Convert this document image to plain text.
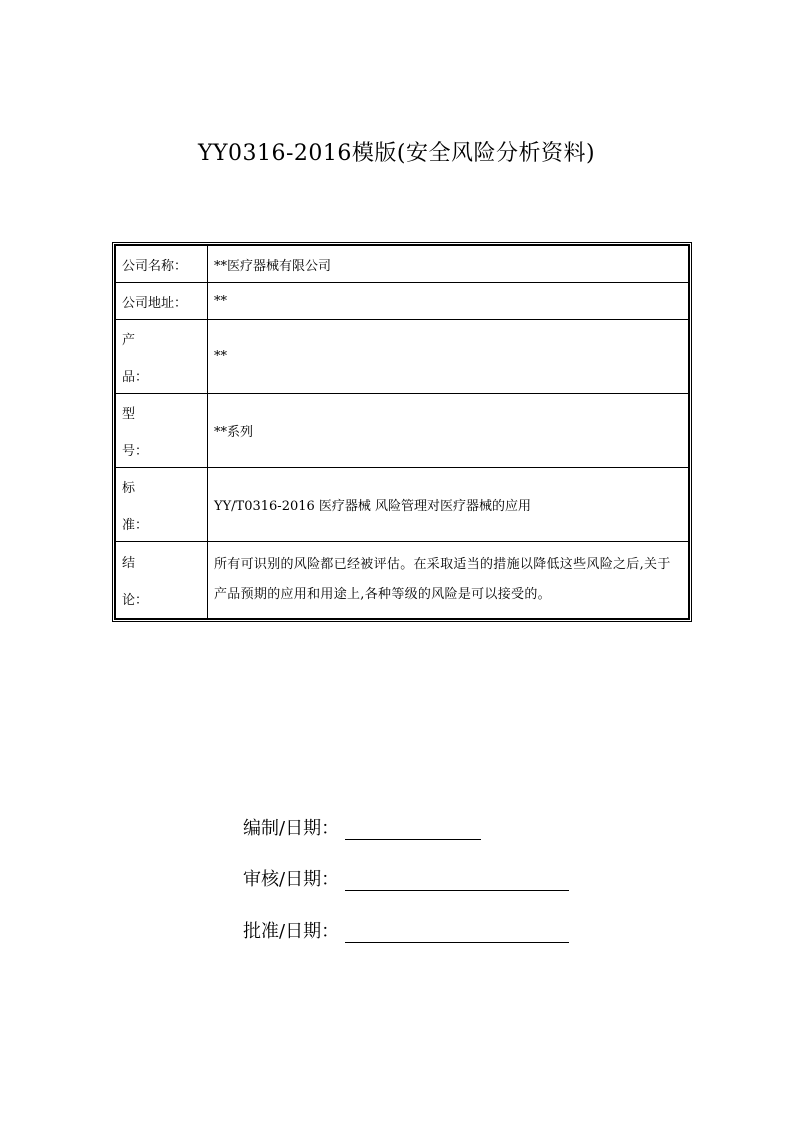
YY0316-2016模版(安全风险分析资料)
公司名称：	**医疗器械有限公司
公司地址：	**

产
品：	**

型
号：	**系列

标
准：	YY/T0316-2016 医疗器械 风险管理对医疗器械的应用

结
论：	所有可识别的风险都已经被评估。在采取适当的措施以降低这些风险之后,关于产品预期的应用和用途上,各种等级的风险是可以接受的。
编制/日期：
审核/日期：
批准/日期：
